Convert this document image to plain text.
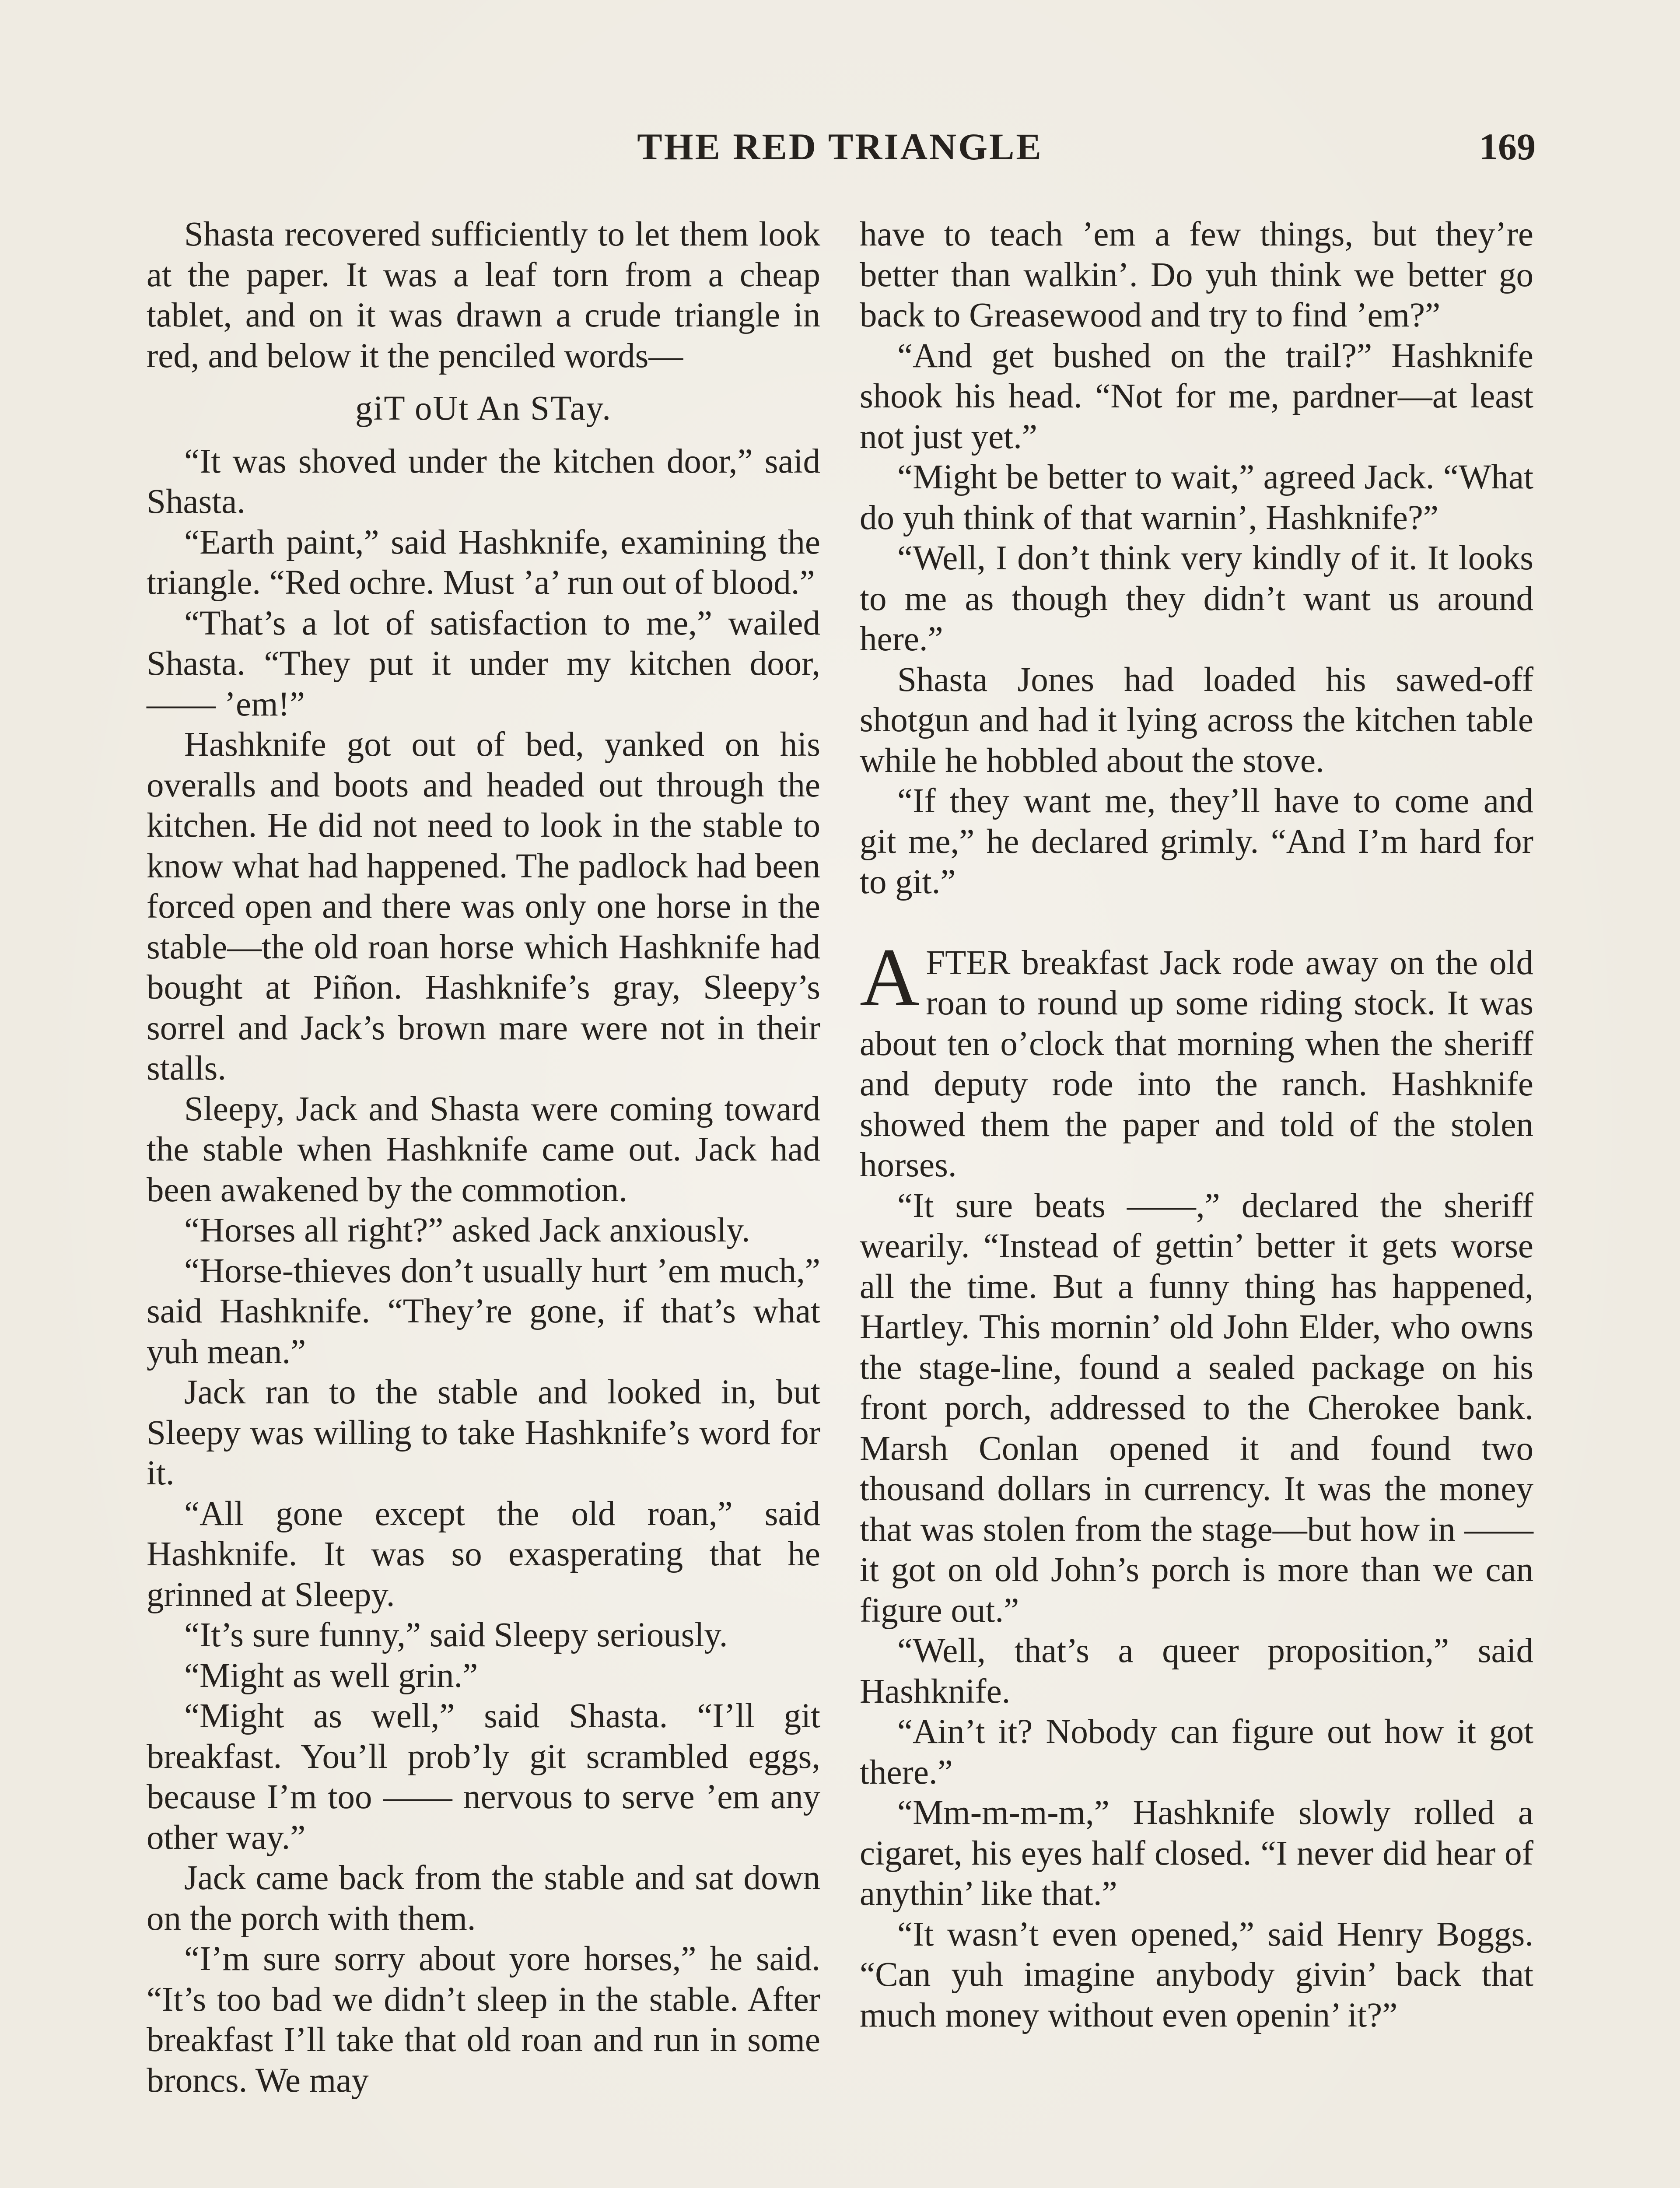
THE RED TRIANGLE	169

Shasta recovered sufficiently to let them look at the paper. It was a leaf torn from a cheap tablet, and on it was drawn a crude triangle in red, and below it the penciled words—

giT oUt An STay.

“It was shoved under the kitchen door,” said Shasta.

“Earth paint,” said Hashknife, examining the triangle. “Red ochre. Must ’a’ run out of blood.”

“That’s a lot of satisfaction to me,” wailed Shasta. “They put it under my kitchen door, —— ’em!”

Hashknife got out of bed, yanked on his overalls and boots and headed out through the kitchen. He did not need to look in the stable to know what had happened. The padlock had been forced open and there was only one horse in the stable—the old roan horse which Hashknife had bought at Piñon. Hashknife’s gray, Sleepy’s sorrel and Jack’s brown mare were not in their stalls.

Sleepy, Jack and Shasta were coming toward the stable when Hashknife came out. Jack had been awakened by the commotion.

“Horses all right?” asked Jack anxiously.

“Horse-thieves don’t usually hurt ’em much,” said Hashknife. “They’re gone, if that’s what yuh mean.”

Jack ran to the stable and looked in, but Sleepy was willing to take Hashknife’s word for it.

“All gone except the old roan,” said Hashknife. It was so exasperating that he grinned at Sleepy.

“It’s sure funny,” said Sleepy seriously.

“Might as well grin.”

“Might as well,” said Shasta. “I’ll git breakfast. You’ll prob’ly git scrambled eggs, because I’m too —— nervous to serve ’em any other way.”

Jack came back from the stable and sat down on the porch with them.

“I’m sure sorry about yore horses,” he said. “It’s too bad we didn’t sleep in the stable. After breakfast I’ll take that old roan and run in some broncs. We may

have to teach ’em a few things, but they’re better than walkin’. Do yuh think we better go back to Greasewood and try to find ’em?”

“And get bushed on the trail?” Hashknife shook his head. “Not for me, pardner—at least not just yet.”

“Might be better to wait,” agreed Jack. “What do yuh think of that warnin’, Hashknife?”

“Well, I don’t think very kindly of it. It looks to me as though they didn’t want us around here.”

Shasta Jones had loaded his sawed-off shotgun and had it lying across the kitchen table while he hobbled about the stove.

“If they want me, they’ll have to come and git me,” he declared grimly. “And I’m hard for to git.”

AFTER breakfast Jack rode away on the old roan to round up some riding stock. It was about ten o’clock that morning when the sheriff and deputy rode into the ranch. Hashknife showed them the paper and told of the stolen horses.

“It sure beats ——,” declared the sheriff wearily. “Instead of gettin’ better it gets worse all the time. But a funny thing has happened, Hartley. This mornin’ old John Elder, who owns the stage-line, found a sealed package on his front porch, addressed to the Cherokee bank. Marsh Conlan opened it and found two thousand dollars in currency. It was the money that was stolen from the stage—but how in —— it got on old John’s porch is more than we can figure out.”

“Well, that’s a queer proposition,” said Hashknife.

“Ain’t it? Nobody can figure out how it got there.”

“Mm-m-m-m,” Hashknife slowly rolled a cigaret, his eyes half closed. “I never did hear of anythin’ like that.”

“It wasn’t even opened,” said Henry Boggs. “Can yuh imagine anybody givin’ back that much money without even openin’ it?”
